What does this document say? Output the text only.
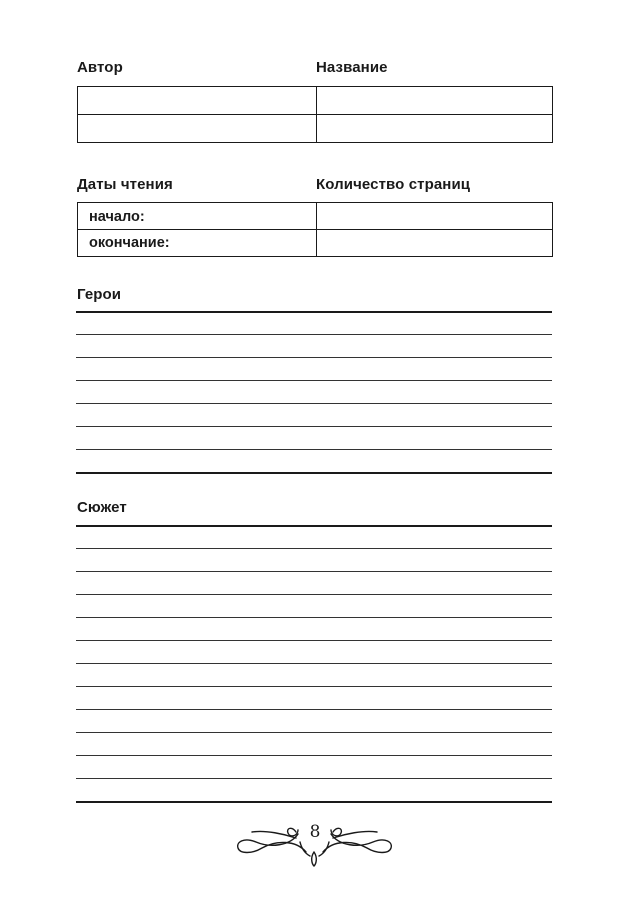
Автор	Название
Даты чтения	Количество страниц
начало:
окончание:
Герои
Сюжет
8
